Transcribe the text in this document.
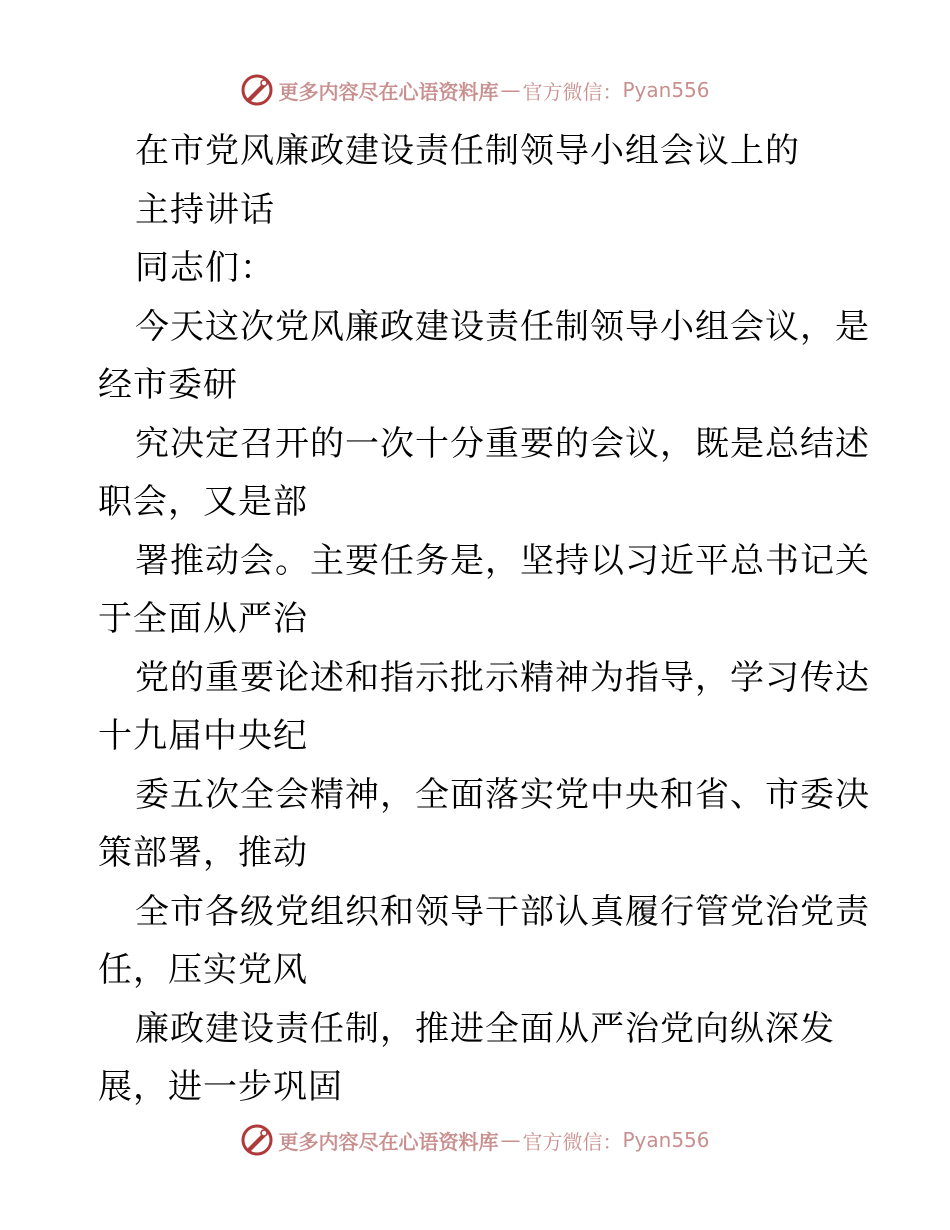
更多内容尽在心语资料库 — 官方微信： Pyan556
在市党风廉政建设责任制领导小组会议上的
主持讲话
同志们：
今天这次党风廉政建设责任制领导小组会议，是
经市委研
究决定召开的一次十分重要的会议，既是总结述
职会，又是部
署推动会。主要任务是，坚持以习近平总书记关
于全面从严治
党的重要论述和指示批示精神为指导，学习传达
十九届中央纪
委五次全会精神，全面落实党中央和省、市委决
策部署，推动
全市各级党组织和领导干部认真履行管党治党责
任，压实党风
廉政建设责任制，推进全面从严治党向纵深发
展，进一步巩固
更多内容尽在心语资料库 — 官方微信： Pyan556
